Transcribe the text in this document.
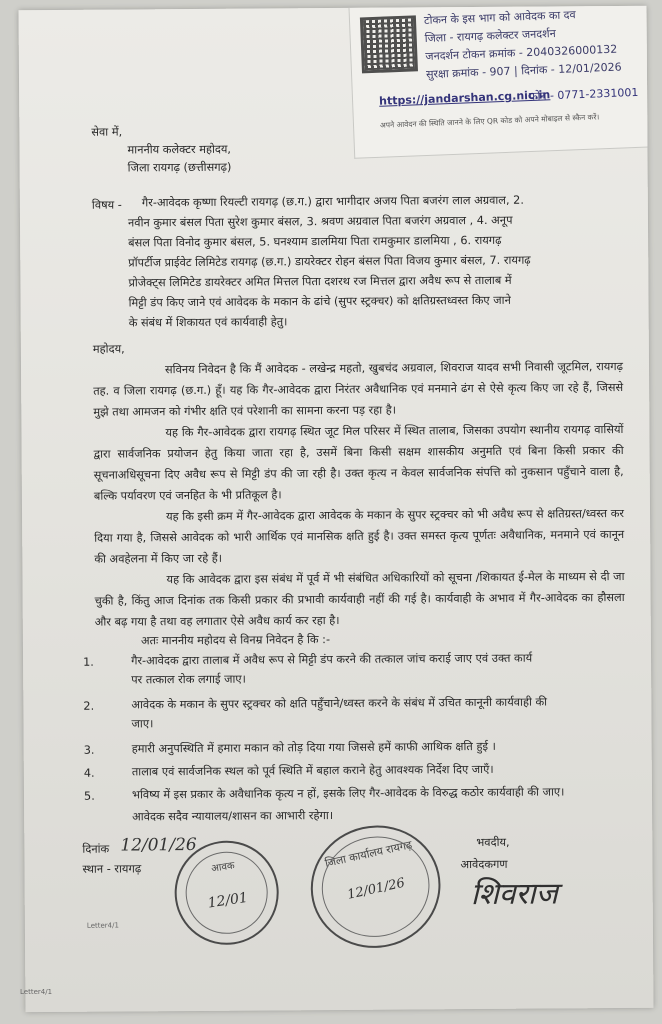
टोकन के इस भाग को आवेदक का दव
जिला - रायगढ़ कलेक्टर जनदर्शन
जनदर्शन टोकन क्रमांक - 2040326000132
सुरक्षा क्रमांक - 907 | दिनांक - 12/01/2026
https://jandarshan.cg.nic.in
फोन - 0771-2331001
अपने आवेदन की स्थिति जानने के लिए QR कोड को अपने मोबाइल से स्कैन करें।
सेवा में,
माननीय कलेक्टर महोदय,
जिला रायगढ़ (छत्तीसगढ़)
विषय - गैर-आवेदक कृष्णा रियल्टी रायगढ़ (छ.ग.) द्वारा भागीदार अजय पिता बजरंग लाल अग्रवाल, 2.
नवीन कुमार बंसल पिता सुरेश कुमार बंसल, 3. श्रवण अग्रवाल पिता बजरंग अग्रवाल , 4. अनूप
बंसल पिता विनोद कुमार बंसल, 5. घनश्याम डालमिया पिता रामकुमार डालमिया , 6. रायगढ़
प्रॉपर्टीज प्राईवेट लिमिटेड रायगढ़ (छ.ग.) डायरेक्टर रोहन बंसल पिता विजय कुमार बंसल, 7. रायगढ़
प्रोजेक्ट्स लिमिटेड डायरेक्टर अमित मित्तल पिता दशरथ रज मित्तल द्वारा अवैध रूप से तालाब में
मिट्टी डंप किए जाने एवं आवेदक के मकान के ढांचे (सुपर स्ट्रक्चर) को क्षतिग्रस्तध्वस्त किए जाने
के संबंध में शिकायत एवं कार्यवाही हेतु।
महोदय,
सविनय निवेदन है कि मैं आवेदक - लखेन्द्र महतो, खुबचंद अग्रवाल, शिवराज यादव सभी निवासी जूटमिल, रायगढ़ तह. व जिला रायगढ़ (छ.ग.) हूँ। यह कि गैर-आवेदक द्वारा निरंतर अवैधानिक एवं मनमाने ढंग से ऐसे कृत्य किए जा रहे हैं, जिससे मुझे तथा आमजन को गंभीर क्षति एवं परेशानी का सामना करना पड़ रहा है।
यह कि गैर-आवेदक द्वारा रायगढ़ स्थित जूट मिल परिसर में स्थित तालाब, जिसका उपयोग स्थानीय रायगढ़ वासियों द्वारा सार्वजनिक प्रयोजन हेतु किया जाता रहा है, उसमें बिना किसी सक्षम शासकीय अनुमति एवं बिना किसी प्रकार की सूचनाअधिसूचना दिए अवैध रूप से मिट्टी डंप की जा रही है। उक्त कृत्य न केवल सार्वजनिक संपत्ति को नुकसान पहुँचाने वाला है, बल्कि पर्यावरण एवं जनहित के भी प्रतिकूल है।
यह कि इसी क्रम में गैर-आवेदक द्वारा आवेदक के मकान के सुपर स्ट्रक्चर को भी अवैध रूप से क्षतिग्रस्त/ध्वस्त कर दिया गया है, जिससे आवेदक को भारी आर्थिक एवं मानसिक क्षति हुई है। उक्त समस्त कृत्य पूर्णतः अवैधानिक, मनमाने एवं कानून की अवहेलना में किए जा रहे हैं।
यह कि आवेदक द्वारा इस संबंध में पूर्व में भी संबंधित अधिकारियों को सूचना /शिकायत ई-मेल के माध्यम से दी जा चुकी है, किंतु आज दिनांक तक किसी प्रकार की प्रभावी कार्यवाही नहीं की गई है। कार्यवाही के अभाव में गैर-आवेदक का हौसला और बढ़ गया है तथा वह लगातार ऐसे अवैध कार्य कर रहा है।
अतः माननीय महोदय से विनम्र निवेदन है कि :-
1.	गैर-आवेदक द्वारा तालाब में अवैध रूप से मिट्टी डंप करने की तत्काल जांच कराई जाए एवं उक्त कार्य
पर तत्काल रोक लगाई जाए।
2.	आवेदक के मकान के सुपर स्ट्रक्चर को क्षति पहुँचाने/ध्वस्त करने के संबंध में उचित कानूनी कार्यवाही की
जाए।
3.	हमारी अनुपस्थिति में हमारा मकान को तोड़ दिया गया जिससे हमें काफी आथिक क्षति हुई ।
4.	तालाब एवं सार्वजनिक स्थल को पूर्व स्थिति में बहाल कराने हेतु आवश्यक निर्देश दिए जाएँ।
5.	भविष्य में इस प्रकार के अवैधानिक कृत्य न हों, इसके लिए गैर-आवेदक के विरुद्ध कठोर कार्यवाही की जाए।
आवेदक सदैव न्यायालय/शासन का आभारी रहेगा।
दिनांक 12/01/26
स्थान - रायगढ़
भवदीय,
आवेदकगण
शिवराज
आवक
12/01
जिला कार्यालय रायगढ़
12/01/26
Letter4/1
Letter4/1
